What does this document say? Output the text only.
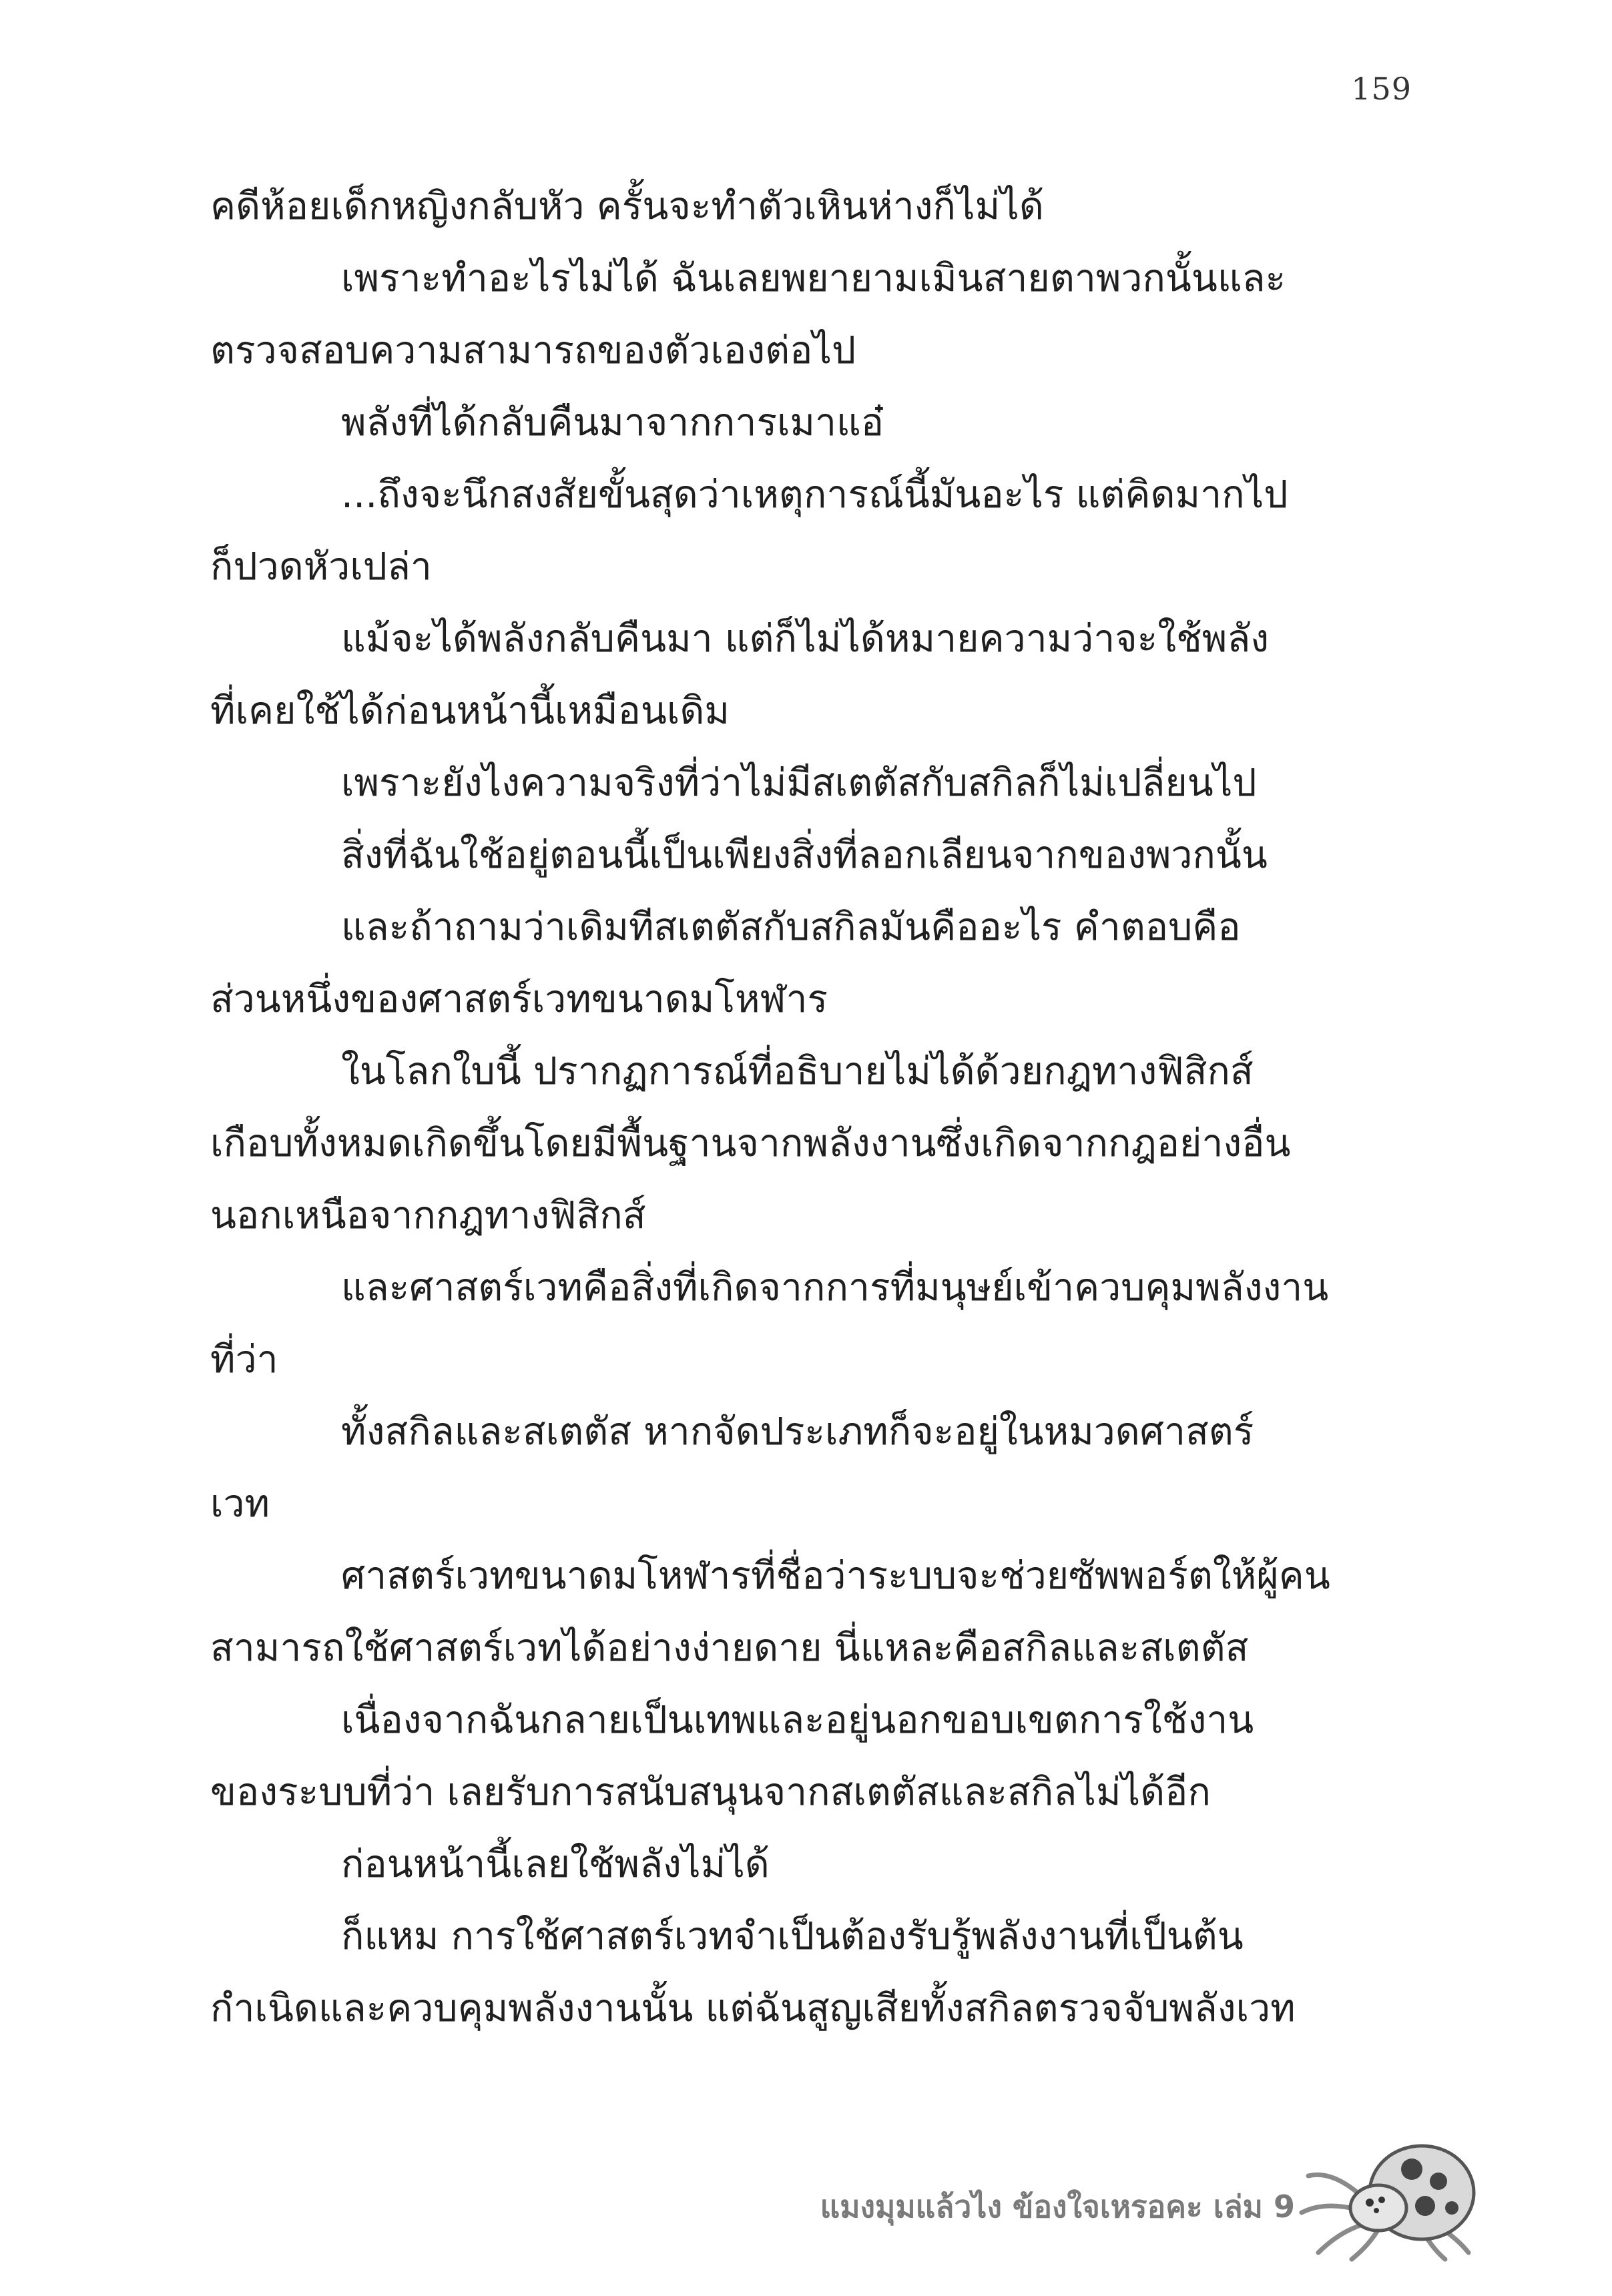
159
คดีห้อยเด็กหญิงกลับหัว ครั้นจะทำตัวเหินห่างก็ไม่ได้
เพราะทำอะไรไม่ได้ ฉันเลยพยายามเมินสายตาพวกนั้นและ
ตรวจสอบความสามารถของตัวเองต่อไป
พลังที่ได้กลับคืนมาจากการเมาแอ๋
...ถึงจะนึกสงสัยขั้นสุดว่าเหตุการณ์นี้มันอะไร แต่คิดมากไป
ก็ปวดหัวเปล่า
แม้จะได้พลังกลับคืนมา แต่ก็ไม่ได้หมายความว่าจะใช้พลัง
ที่เคยใช้ได้ก่อนหน้านี้เหมือนเดิม
เพราะยังไงความจริงที่ว่าไม่มีสเตตัสกับสกิลก็ไม่เปลี่ยนไป
สิ่งที่ฉันใช้อยู่ตอนนี้เป็นเพียงสิ่งที่ลอกเลียนจากของพวกนั้น
และถ้าถามว่าเดิมทีสเตตัสกับสกิลมันคืออะไร คำตอบคือ
ส่วนหนึ่งของศาสตร์เวทขนาดมโหฬาร
ในโลกใบนี้ ปรากฏการณ์ที่อธิบายไม่ได้ด้วยกฎทางฟิสิกส์
เกือบทั้งหมดเกิดขึ้นโดยมีพื้นฐานจากพลังงานซึ่งเกิดจากกฎอย่างอื่น
นอกเหนือจากกฎทางฟิสิกส์
และศาสตร์เวทคือสิ่งที่เกิดจากการที่มนุษย์เข้าควบคุมพลังงาน
ที่ว่า
ทั้งสกิลและสเตตัส หากจัดประเภทก็จะอยู่ในหมวดศาสตร์
เวท
ศาสตร์เวทขนาดมโหฬารที่ชื่อว่าระบบจะช่วยซัพพอร์ตให้ผู้คน
สามารถใช้ศาสตร์เวทได้อย่างง่ายดาย นี่แหละคือสกิลและสเตตัส
เนื่องจากฉันกลายเป็นเทพและอยู่นอกขอบเขตการใช้งาน
ของระบบที่ว่า เลยรับการสนับสนุนจากสเตตัสและสกิลไม่ได้อีก
ก่อนหน้านี้เลยใช้พลังไม่ได้
ก็แหม การใช้ศาสตร์เวทจำเป็นต้องรับรู้พลังงานที่เป็นต้น
กำเนิดและควบคุมพลังงานนั้น แต่ฉันสูญเสียทั้งสกิลตรวจจับพลังเวท
แมงมุมแล้วไง ข้องใจเหรอคะ เล่ม 9
